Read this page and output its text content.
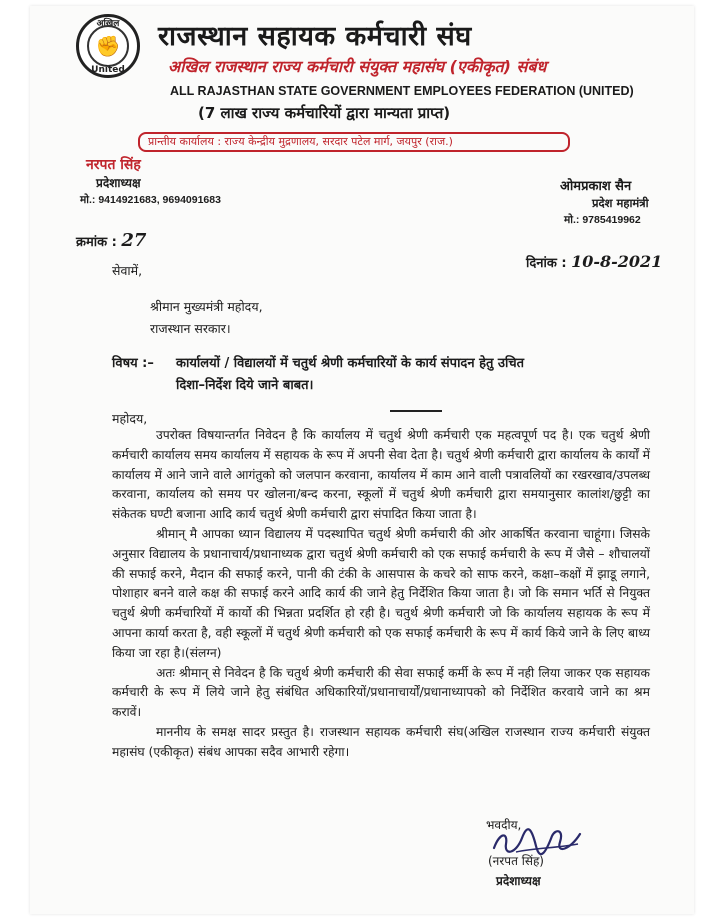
अखिल
✊
United
राजस्थान सहायक कर्मचारी संघ
अखिल राजस्थान राज्य कर्मचारी संयुक्त महासंघ (एकीकृत) संबंध
ALL RAJASTHAN STATE GOVERNMENT EMPLOYEES FEDERATION (UNITED)
(7 लाख राज्य कर्मचारियों द्वारा मान्यता प्राप्त)
प्रान्तीय कार्यालय : राज्य केन्द्रीय मुद्रणालय, सरदार पटेल मार्ग, जयपुर (राज.)
नरपत सिंह
प्रदेशाध्यक्ष
मो.: 9414921683, 9694091683
ओमप्रकाश सैन
प्रदेश महामंत्री
मो.: 9785419962
क्रमांक : 27
दिनांक : 10-8-2021
सेवामें,
श्रीमान मुख्यमंत्री महोदय,
राजस्थान सरकार।
विषय :– कार्यालयों / विद्यालयों में चतुर्थ श्रेणी कर्मचारियों के कार्य संपादन हेतु उचित
दिशा–निर्देश दिये जाने बाबत।
महोदय,

उपरोक्त विषयान्तर्गत निवेदन है कि कार्यालय में चतुर्थ श्रेणी कर्मचारी एक महत्वपूर्ण पद है। एक चतुर्थ श्रेणी कर्मचारी कार्यालय समय कार्यालय में सहायक के रूप में अपनी सेवा देता है। चतुर्थ श्रेणी कर्मचारी द्वारा कार्यालय के कार्यों में कार्यालय में आने जाने वाले आगंतुको को जलपान करवाना, कार्यालय में काम आने वाली पत्रावलियों का रखरखाव/उपलब्ध करवाना, कार्यालय को समय पर खोलना/बन्द करना, स्कूलों में चतुर्थ श्रेणी कर्मचारी द्वारा समयानुसार कालांश/छुट्टी का संकेतक घण्टी बजाना आदि कार्य चतुर्थ श्रेणी कर्मचारी द्वारा संपादित किया जाता है।

श्रीमान् मै आपका ध्यान विद्यालय में पदस्थापित चतुर्थ श्रेणी कर्मचारी की ओर आकर्षित करवाना चाहूंगा। जिसके अनुसार विद्यालय के प्रधानाचार्य/प्रधानाध्यक द्वारा चतुर्थ श्रेणी कर्मचारी को एक सफाई कर्मचारी के रूप में जैसे – शौचालयों की सफाई करने, मैदान की सफाई करने, पानी की टंकी के आसपास के कचरे को साफ करने, कक्षा–कक्षों में झाडू लगाने, पोशाहार बनने वाले कक्ष की सफाई करने आदि कार्य की जाने हेतु निर्देशित किया जाता है। जो कि समान भर्ति से नियुक्त चतुर्थ श्रेणी कर्मचारियों में कार्यो की भिन्नता प्रदर्शित हो रही है। चतुर्थ श्रेणी कर्मचारी जो कि कार्यालय सहायक के रूप में आपना कार्या करता है, वही स्कूलों में चतुर्थ श्रेणी कर्मचारी को एक सफाई कर्मचारी के रूप में कार्य किये जाने के लिए बाध्य किया जा रहा है।(संलग्न)

अतः श्रीमान् से निवेदन है कि चतुर्थ श्रेणी कर्मचारी की सेवा सफाई कर्मी के रूप में नही लिया जाकर एक सहायक कर्मचारी के रूप में लिये जाने हेतु संबंधित अधिकारियों/प्रधानाचार्यों/प्रधानाध्यापको को निर्देशित करवाये जाने का श्रम करावें।

माननीय के समक्ष सादर प्रस्तुत है। राजस्थान सहायक कर्मचारी संघ(अखिल राजस्थान राज्य कर्मचारी संयुक्त महासंघ (एकीकृत) संबंध आपका सदैव आभारी रहेगा।

भवदीय,
(नरपत सिंह)
प्रदेशाध्यक्ष
